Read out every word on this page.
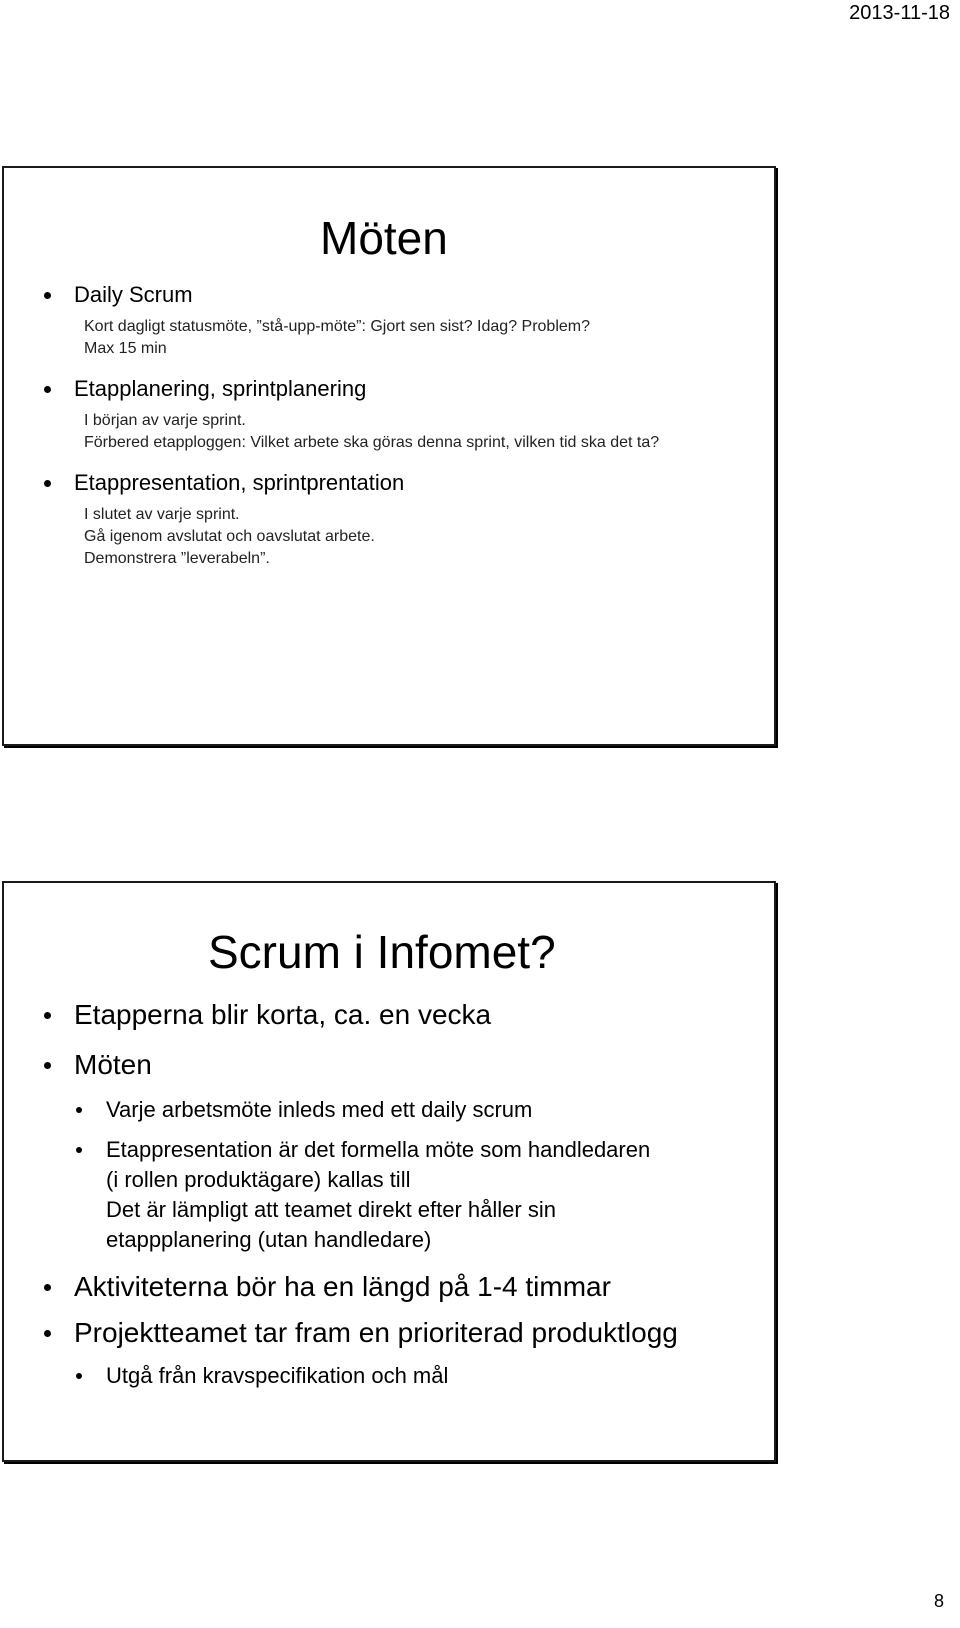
2013-11-18
Möten
Daily Scrum
Kort dagligt statusmöte, ”stå-upp-möte”: Gjort sen sist? Idag? Problem?
Max 15 min
Etapplanering, sprintplanering
I början av varje sprint.
Förbered etapploggen: Vilket arbete ska göras denna sprint, vilken tid ska det ta?
Etappresentation, sprintprentation
I slutet av varje sprint.
Gå igenom avslutat och oavslutat arbete.
Demonstrera ”leverabeln”.
Scrum i Infomet?
Etapperna blir korta, ca. en vecka
Möten
Varje arbetsmöte inleds med ett daily scrum
Etappresentation är det formella möte som handledaren
(i rollen produktägare) kallas till
Det är lämpligt att teamet direkt efter håller sin
etappplanering (utan handledare)
Aktiviteterna bör ha en längd på 1-4 timmar
Projektteamet tar fram en prioriterad produktlogg
Utgå från kravspecifikation och mål
8
